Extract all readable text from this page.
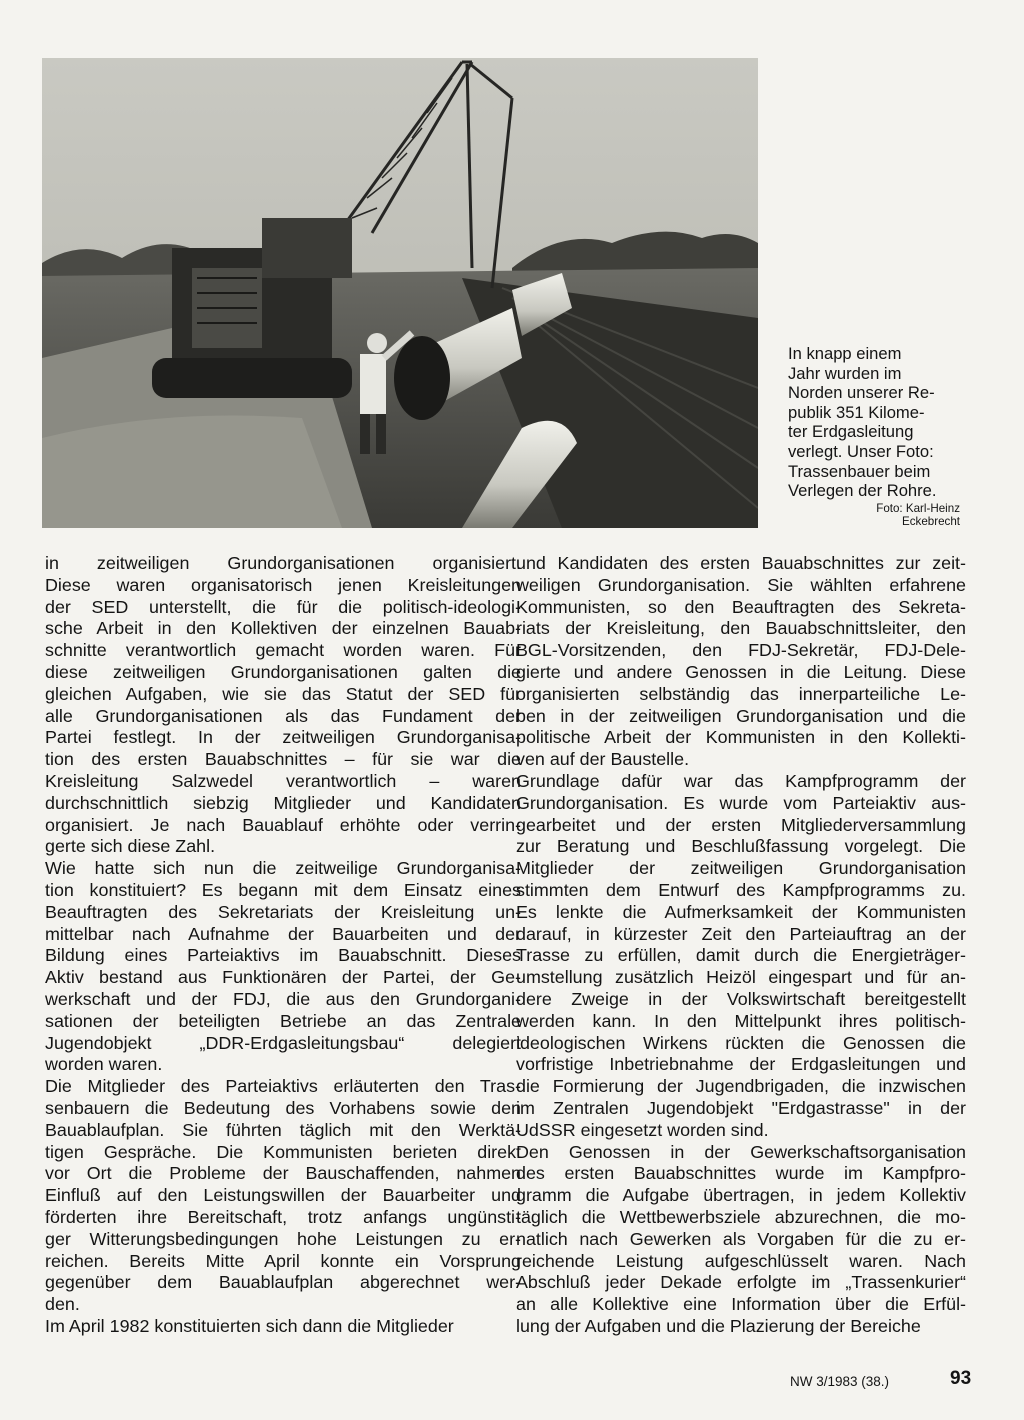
In knapp einem
Jahr wurden im
Norden unserer Re-
publik 351 Kilome-
ter Erdgasleitung
verlegt. Unser Foto:
Trassenbauer beim
Verlegen der Rohre.

Foto: Karl-Heinz
Eckebrecht

in zeitweiligen Grundorganisationen organisiert.
Diese waren organisatorisch jenen Kreisleitungen
der SED unterstellt, die für die politisch-ideologi-
sche Arbeit in den Kollektiven der einzelnen Bauab-
schnitte verantwortlich gemacht worden waren. Für
diese zeitweiligen Grundorganisationen galten die
gleichen Aufgaben, wie sie das Statut der SED für
alle Grundorganisationen als das Fundament der
Partei festlegt. In der zeitweiligen Grundorganisa-
tion des ersten Bauabschnittes – für sie war die
Kreisleitung Salzwedel verantwortlich – waren
durchschnittlich siebzig Mitglieder und Kandidaten
organisiert. Je nach Bauablauf erhöhte oder verrin-
gerte sich diese Zahl.

Wie hatte sich nun die zeitweilige Grundorganisa-
tion konstituiert? Es begann mit dem Einsatz eines
Beauftragten des Sekretariats der Kreisleitung un-
mittelbar nach Aufnahme der Bauarbeiten und der
Bildung eines Parteiaktivs im Bauabschnitt. Dieses
Aktiv bestand aus Funktionären der Partei, der Ge-
werkschaft und der FDJ, die aus den Grundorgani-
sationen der beteiligten Betriebe an das Zentrale
Jugendobjekt „DDR-Erdgasleitungsbau“ delegiert
worden waren.

Die Mitglieder des Parteiaktivs erläuterten den Tras-
senbauern die Bedeutung des Vorhabens sowie den
Bauablaufplan. Sie führten täglich mit den Werktä-
tigen Gespräche. Die Kommunisten berieten direkt
vor Ort die Probleme der Bauschaffenden, nahmen
Einfluß auf den Leistungswillen der Bauarbeiter und
förderten ihre Bereitschaft, trotz anfangs ungünsti-
ger Witterungsbedingungen hohe Leistungen zu er-
reichen. Bereits Mitte April konnte ein Vorsprung
gegenüber dem Bauablaufplan abgerechnet wer-
den.

Im April 1982 konstituierten sich dann die Mitglieder

und Kandidaten des ersten Bauabschnittes zur zeit-
weiligen Grundorganisation. Sie wählten erfahrene
Kommunisten, so den Beauftragten des Sekreta-
riats der Kreisleitung, den Bauabschnittsleiter, den
BGL-Vorsitzenden, den FDJ-Sekretär, FDJ-Dele-
gierte und andere Genossen in die Leitung. Diese
organisierten selbständig das innerparteiliche Le-
ben in der zeitweiligen Grundorganisation und die
politische Arbeit der Kommunisten in den Kollekti-
ven auf der Baustelle.

Grundlage dafür war das Kampfprogramm der
Grundorganisation. Es wurde vom Parteiaktiv aus-
gearbeitet und der ersten Mitgliederversammlung
zur Beratung und Beschlußfassung vorgelegt. Die
Mitglieder der zeitweiligen Grundorganisation
stimmten dem Entwurf des Kampfprogramms zu.
Es lenkte die Aufmerksamkeit der Kommunisten
darauf, in kürzester Zeit den Parteiauftrag an der
Trasse zu erfüllen, damit durch die Energieträger-
umstellung zusätzlich Heizöl eingespart und für an-
dere Zweige in der Volkswirtschaft bereitgestellt
werden kann. In den Mittelpunkt ihres politisch-
ideologischen Wirkens rückten die Genossen die
vorfristige Inbetriebnahme der Erdgasleitungen und
die Formierung der Jugendbrigaden, die inzwischen
im Zentralen Jugendobjekt "Erdgastrasse" in der
UdSSR eingesetzt worden sind.

Den Genossen in der Gewerkschaftsorganisation
des ersten Bauabschnittes wurde im Kampfpro-
gramm die Aufgabe übertragen, in jedem Kollektiv
täglich die Wettbewerbsziele abzurechnen, die mo-
natlich nach Gewerken als Vorgaben für die zu er-
reichende Leistung aufgeschlüsselt waren. Nach
Abschluß jeder Dekade erfolgte im „Trassenkurier“
an alle Kollektive eine Information über die Erfül-
lung der Aufgaben und die Plazierung der Bereiche

NW 3/1983 (38.)	93
